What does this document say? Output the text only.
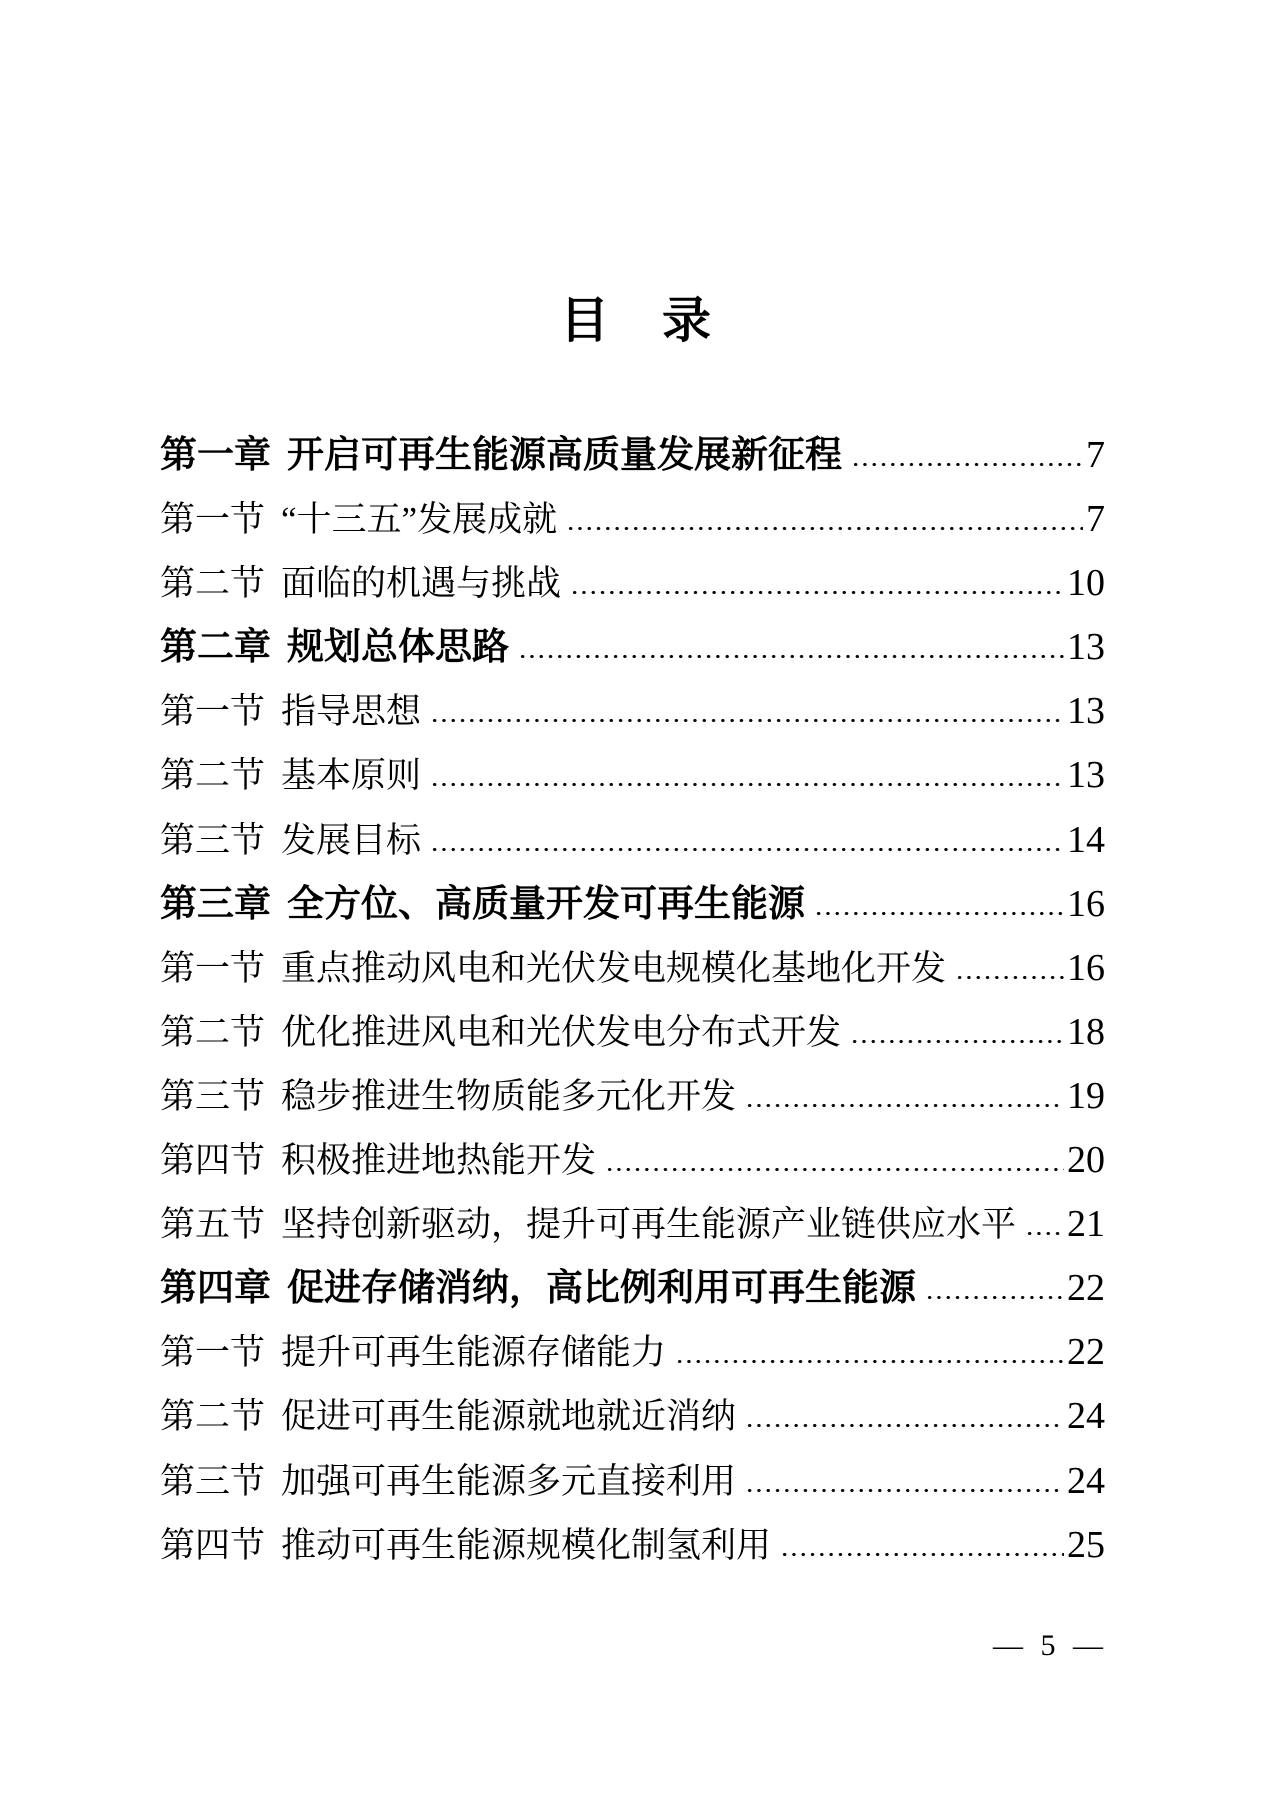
目　录
第一章 开启可再生能源高质量发展新征程	7
第一节 “十三五”发展成就	7
第二节 面临的机遇与挑战	10
第二章 规划总体思路	13
第一节 指导思想	13
第二节 基本原则	13
第三节 发展目标	14
第三章 全方位、高质量开发可再生能源	16
第一节 重点推动风电和光伏发电规模化基地化开发	16
第二节 优化推进风电和光伏发电分布式开发	18
第三节 稳步推进生物质能多元化开发	19
第四节 积极推进地热能开发	20
第五节 坚持创新驱动，提升可再生能源产业链供应水平 21
第四章 促进存储消纳，高比例利用可再生能源	22
第一节 提升可再生能源存储能力	22
第二节 促进可再生能源就地就近消纳	24
第三节 加强可再生能源多元直接利用	24
第四节 推动可再生能源规模化制氢利用	25
— 5 —
